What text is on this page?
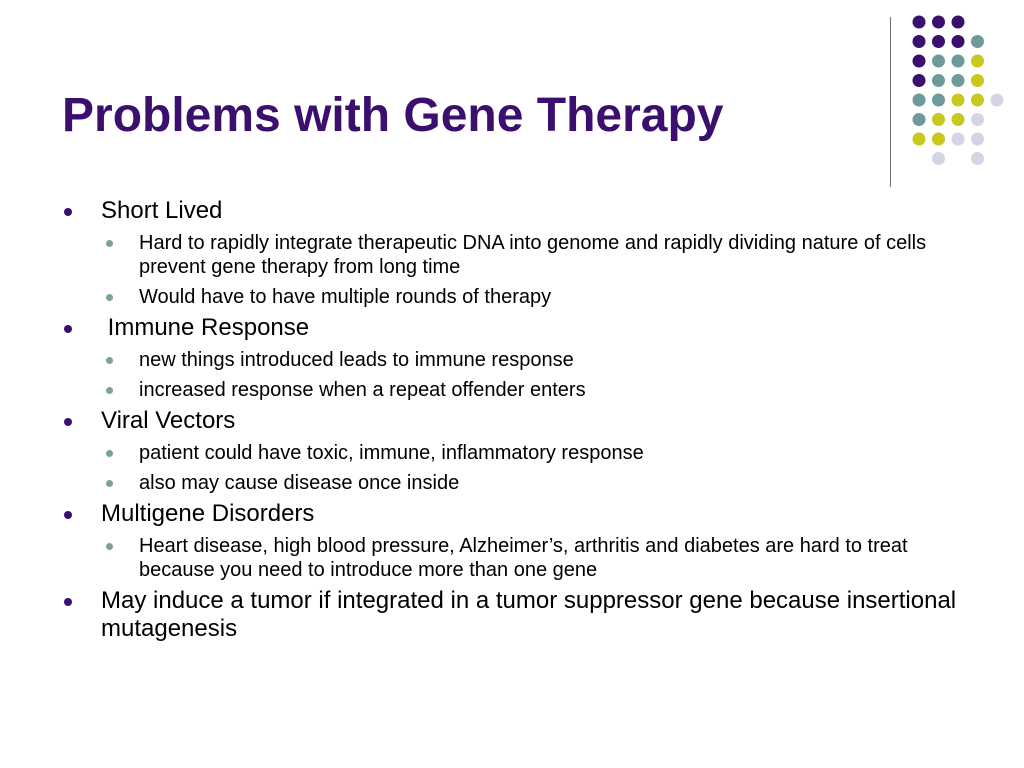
Problems with Gene Therapy
Short Lived
Hard to rapidly integrate therapeutic DNA into genome and rapidly dividing nature of cells prevent gene therapy from long time
Would have to have multiple rounds of therapy
Immune Response
new things introduced leads to immune response
increased response when a repeat offender enters
Viral Vectors
patient could have toxic, immune, inflammatory response
also may cause disease once inside
Multigene Disorders
Heart disease, high blood pressure, Alzheimer’s, arthritis and diabetes are hard to treat because you need to introduce more than one gene
May induce a tumor if integrated in a tumor suppressor gene because insertional mutagenesis
